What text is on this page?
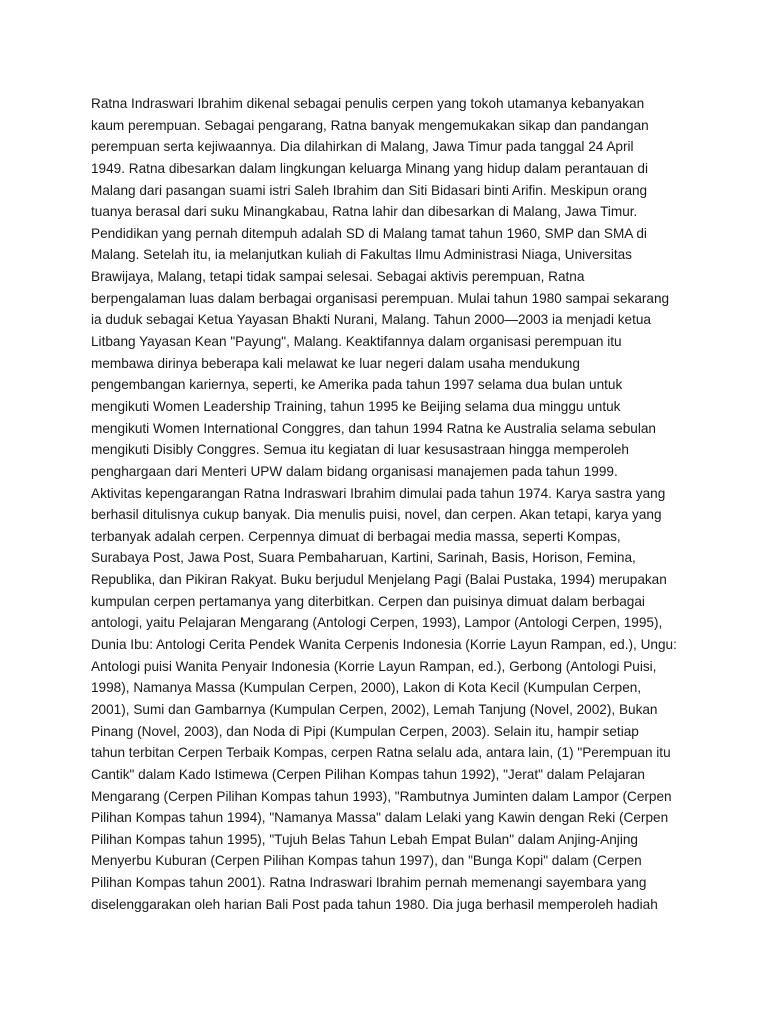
Ratna Indraswari Ibrahim dikenal sebagai penulis cerpen yang tokoh utamanya kebanyakan
kaum perempuan. Sebagai pengarang, Ratna banyak mengemukakan sikap dan pandangan
perempuan serta kejiwaannya. Dia dilahirkan di Malang, Jawa Timur pada tanggal 24 April
1949. Ratna dibesarkan dalam lingkungan keluarga Minang yang hidup dalam perantauan di
Malang dari pasangan suami istri Saleh Ibrahim dan Siti Bidasari binti Arifin. Meskipun orang
tuanya berasal dari suku Minangkabau, Ratna lahir dan dibesarkan di Malang, Jawa Timur.
Pendidikan yang pernah ditempuh adalah SD di Malang tamat tahun 1960, SMP dan SMA di
Malang. Setelah itu, ia melanjutkan kuliah di Fakultas Ilmu Administrasi Niaga, Universitas
Brawijaya, Malang, tetapi tidak sampai selesai. Sebagai aktivis perempuan, Ratna
berpengalaman luas dalam berbagai organisasi perempuan. Mulai tahun 1980 sampai sekarang
ia duduk sebagai Ketua Yayasan Bhakti Nurani, Malang. Tahun 2000—2003 ia menjadi ketua
Litbang Yayasan Kean "Payung", Malang. Keaktifannya dalam organisasi perempuan itu
membawa dirinya beberapa kali melawat ke luar negeri dalam usaha mendukung
pengembangan kariernya, seperti, ke Amerika pada tahun 1997 selama dua bulan untuk
mengikuti Women Leadership Training, tahun 1995 ke Beijing selama dua minggu untuk
mengikuti Women International Conggres, dan tahun 1994 Ratna ke Australia selama sebulan
mengikuti Disibly Conggres. Semua itu kegiatan di luar kesusastraan hingga memperoleh
penghargaan dari Menteri UPW dalam bidang organisasi manajemen pada tahun 1999.
Aktivitas kepengarangan Ratna Indraswari Ibrahim dimulai pada tahun 1974. Karya sastra yang
berhasil ditulisnya cukup banyak. Dia menulis puisi, novel, dan cerpen. Akan tetapi, karya yang
terbanyak adalah cerpen. Cerpennya dimuat di berbagai media massa, seperti Kompas,
Surabaya Post, Jawa Post, Suara Pembaharuan, Kartini, Sarinah, Basis, Horison, Femina,
Republika, dan Pikiran Rakyat. Buku berjudul Menjelang Pagi (Balai Pustaka, 1994) merupakan
kumpulan cerpen pertamanya yang diterbitkan. Cerpen dan puisinya dimuat dalam berbagai
antologi, yaitu Pelajaran Mengarang (Antologi Cerpen, 1993), Lampor (Antologi Cerpen, 1995),
Dunia Ibu: Antologi Cerita Pendek Wanita Cerpenis Indonesia (Korrie Layun Rampan, ed.), Ungu:
Antologi puisi Wanita Penyair Indonesia (Korrie Layun Rampan, ed.), Gerbong (Antologi Puisi,
1998), Namanya Massa (Kumpulan Cerpen, 2000), Lakon di Kota Kecil (Kumpulan Cerpen,
2001), Sumi dan Gambarnya (Kumpulan Cerpen, 2002), Lemah Tanjung (Novel, 2002), Bukan
Pinang (Novel, 2003), dan Noda di Pipi (Kumpulan Cerpen, 2003). Selain itu, hampir setiap
tahun terbitan Cerpen Terbaik Kompas, cerpen Ratna selalu ada, antara lain, (1) "Perempuan itu
Cantik" dalam Kado Istimewa (Cerpen Pilihan Kompas tahun 1992), "Jerat" dalam Pelajaran
Mengarang (Cerpen Pilihan Kompas tahun 1993), "Rambutnya Juminten dalam Lampor (Cerpen
Pilihan Kompas tahun 1994), "Namanya Massa" dalam Lelaki yang Kawin dengan Reki (Cerpen
Pilihan Kompas tahun 1995), "Tujuh Belas Tahun Lebah Empat Bulan" dalam Anjing-Anjing
Menyerbu Kuburan (Cerpen Pilihan Kompas tahun 1997), dan "Bunga Kopi" dalam (Cerpen
Pilihan Kompas tahun 2001). Ratna Indraswari Ibrahim pernah memenangi sayembara yang
diselenggarakan oleh harian Bali Post pada tahun 1980. Dia juga berhasil memperoleh hadiah
